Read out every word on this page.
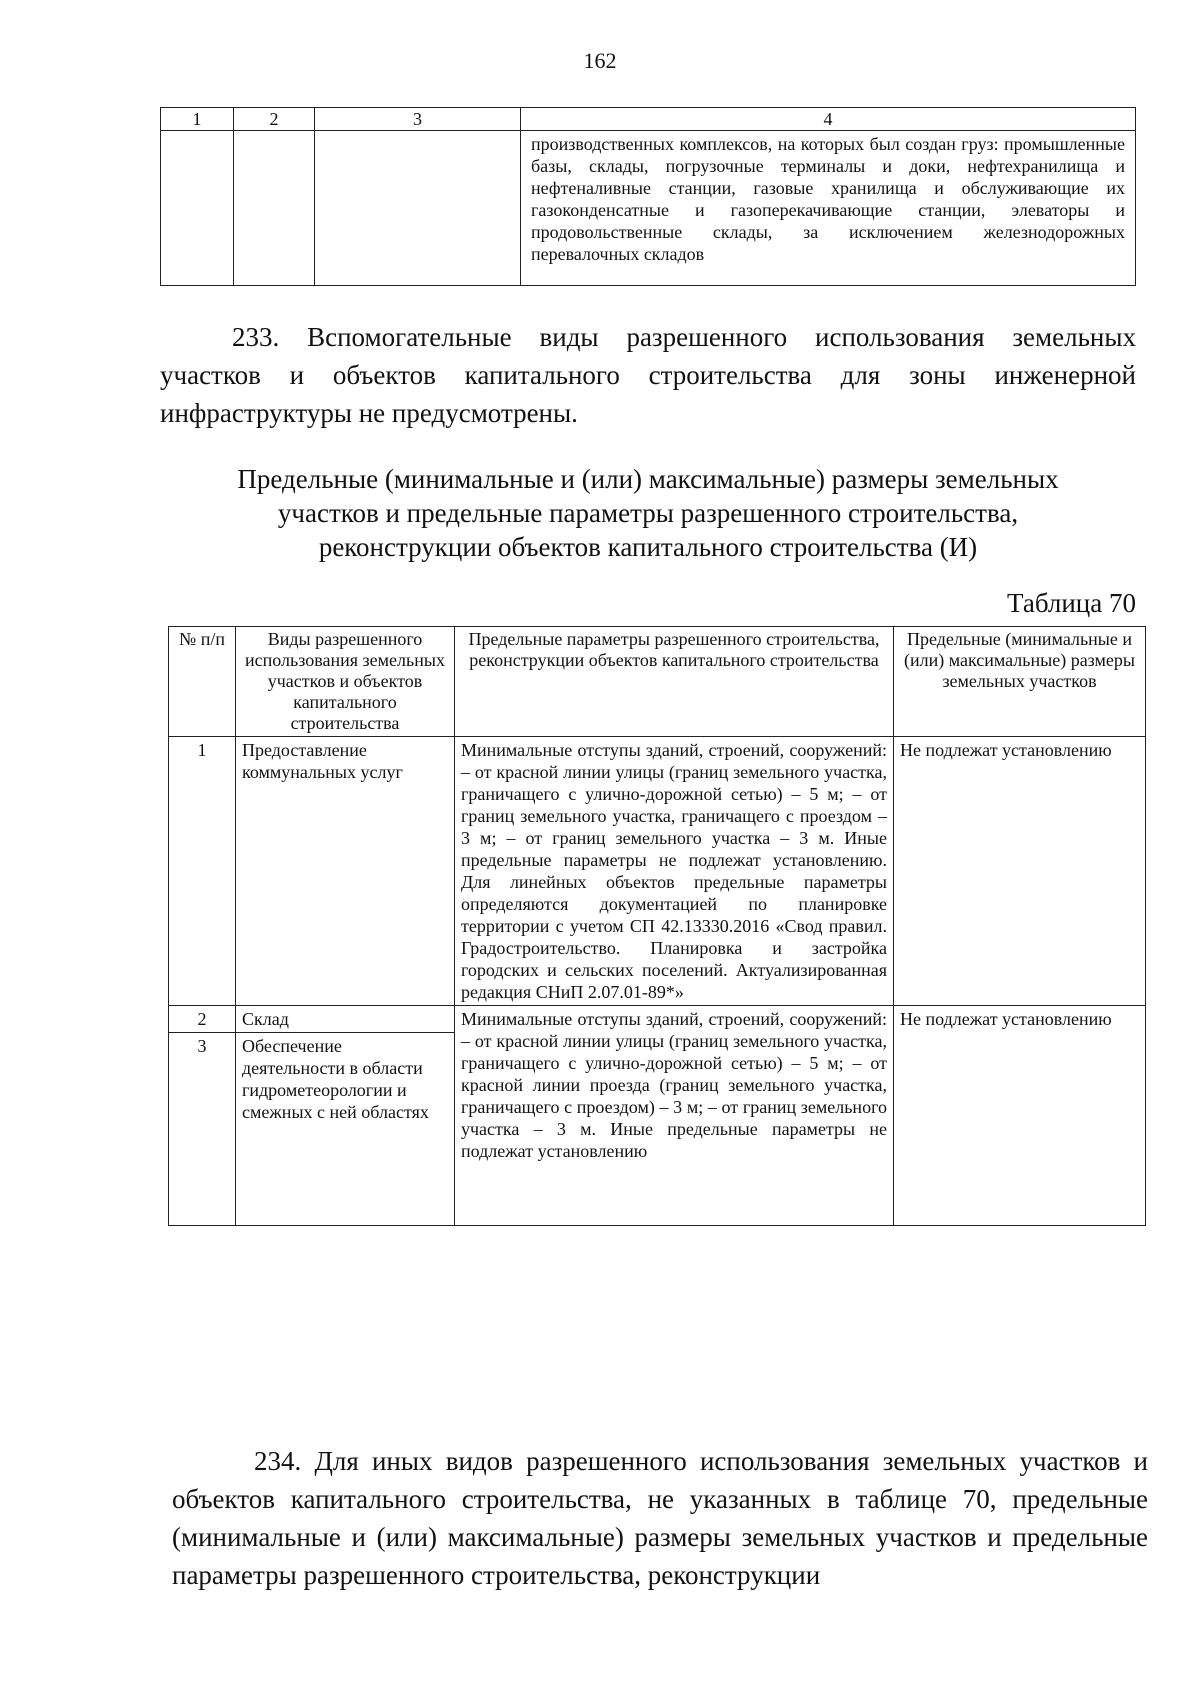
162
1	2	3	4
			производственных комплексов, на которых был создан груз: промышленные базы, склады, погрузочные терминалы и доки, нефтехранилища и нефтеналивные станции, газовые хранилища и обслуживающие их газоконденсатные и газоперекачивающие станции, элеваторы и продовольственные склады, за исключением железнодорожных перевалочных складов
233. Вспомогательные виды разрешенного использования земельных участков и объектов капитального строительства для зоны инженерной инфраструктуры не предусмотрены.
Предельные (минимальные и (или) максимальные) размеры земельных
участков и предельные параметры разрешенного строительства,
реконструкции объектов капитального строительства (И)
Таблица 70
№ п/п	Виды разрешенного использования земельных участков и объектов капитального строительства	Предельные параметры разрешенного строительства, реконструкции объектов капитального строительства	Предельные (минимальные и (или) максимальные) размеры земельных участков
1	Предоставление коммунальных услуг	Минимальные отступы зданий, строений, сооружений: – от красной линии улицы (границ земельного участка, граничащего с улично-дорожной сетью) – 5 м; – от границ земельного участка, граничащего с проездом – 3 м; – от границ земельного участка – 3 м. Иные предельные параметры не подлежат установлению. Для линейных объектов предельные параметры определяются документацией по планировке территории с учетом СП 42.13330.2016 «Свод правил. Градостроительство. Планировка и застройка городских и сельских поселений. Актуализированная редакция СНиП 2.07.01-89*»	Не подлежат установлению
2	Склад	Минимальные отступы зданий, строений, сооружений: – от красной линии улицы (границ земельного участка, граничащего с улично-дорожной сетью) – 5 м; – от красной линии проезда (границ земельного участка, граничащего с проездом) – 3 м; – от границ земельного участка – 3 м. Иные предельные параметры не подлежат установлению	Не подлежат установлению
3	Обеспечение деятельности в области гидрометеорологии и смежных с ней областях		
234. Для иных видов разрешенного использования земельных участков и объектов капитального строительства, не указанных в таблице 70, предельные (минимальные и (или) максимальные) размеры земельных участков и предельные параметры разрешенного строительства, реконструкции
